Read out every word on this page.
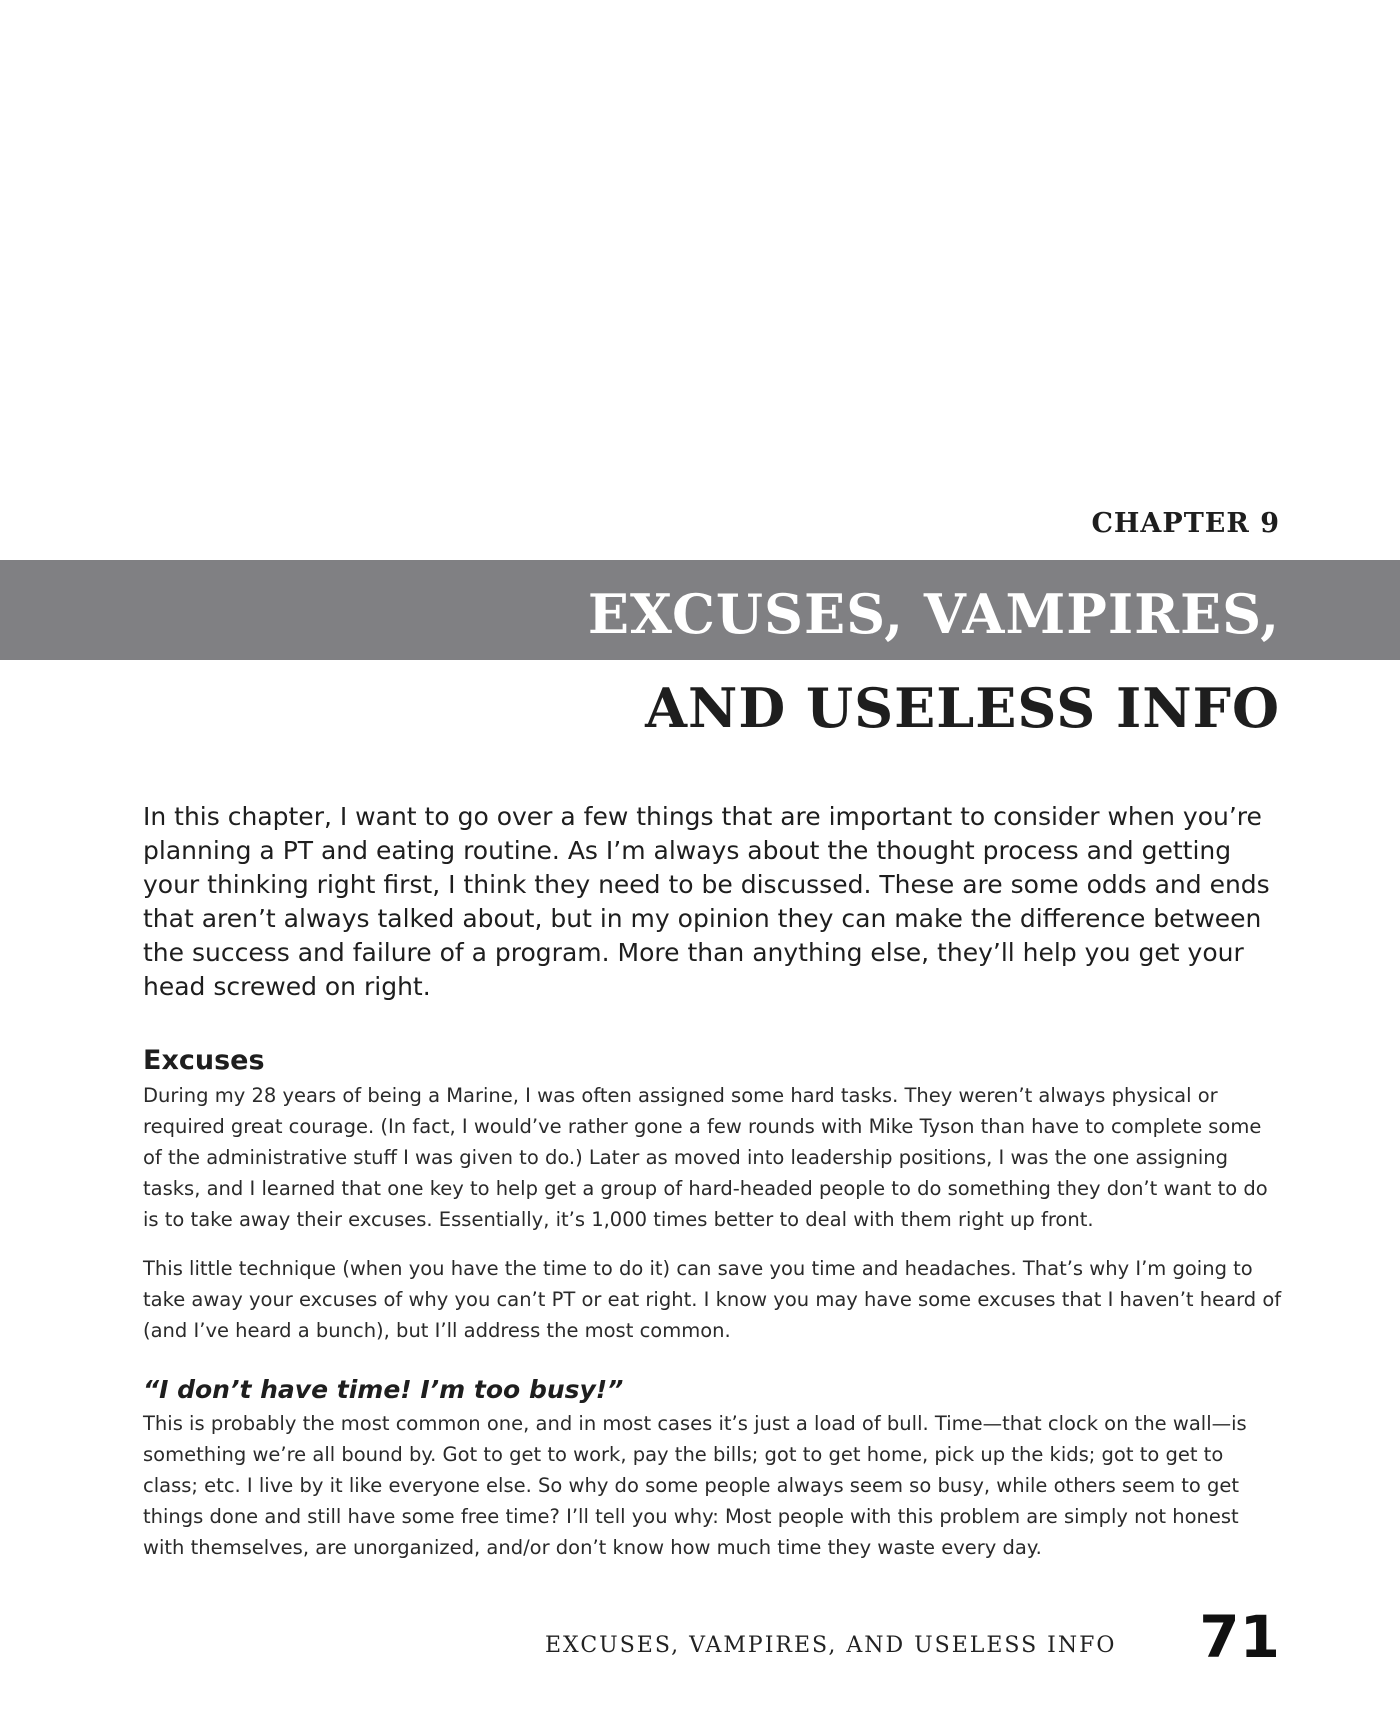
CHAPTER 9
EXCUSES, VAMPIRES,
AND USELESS INFO

In this chapter, I want to go over a few things that are important to consider when you’re planning a PT and eating routine. As I’m always about the thought process and getting your thinking right first, I think they need to be discussed. These are some odds and ends that aren’t always talked about, but in my opinion they can make the difference between the success and failure of a program. More than anything else, they’ll help you get your head screwed on right.

Excuses

During my 28 years of being a Marine, I was often assigned some hard tasks. They weren’t always physical or required great courage. (In fact, I would’ve rather gone a few rounds with Mike Tyson than have to complete some of the administrative stuff I was given to do.) Later as moved into leadership positions, I was the one assigning tasks, and I learned that one key to help get a group of hard-headed people to do something they don’t want to do is to take away their excuses. Essentially, it’s 1,000 times better to deal with them right up front.

This little technique (when you have the time to do it) can save you time and headaches. That’s why I’m going to take away your excuses of why you can’t PT or eat right. I know you may have some excuses that I haven’t heard of (and I’ve heard a bunch), but I’ll address the most common.

“I don’t have time! I’m too busy!”

This is probably the most common one, and in most cases it’s just a load of bull. Time—that clock on the wall—is something we’re all bound by. Got to get to work, pay the bills; got to get home, pick up the kids; got to get to class; etc. I live by it like everyone else. So why do some people always seem so busy, while others seem to get things done and still have some free time? I’ll tell you why: Most people with this problem are simply not honest with themselves, are unorganized, and/or don’t know how much time they waste every day.

EXCUSES, VAMPIRES, AND USELESS INFO 71
